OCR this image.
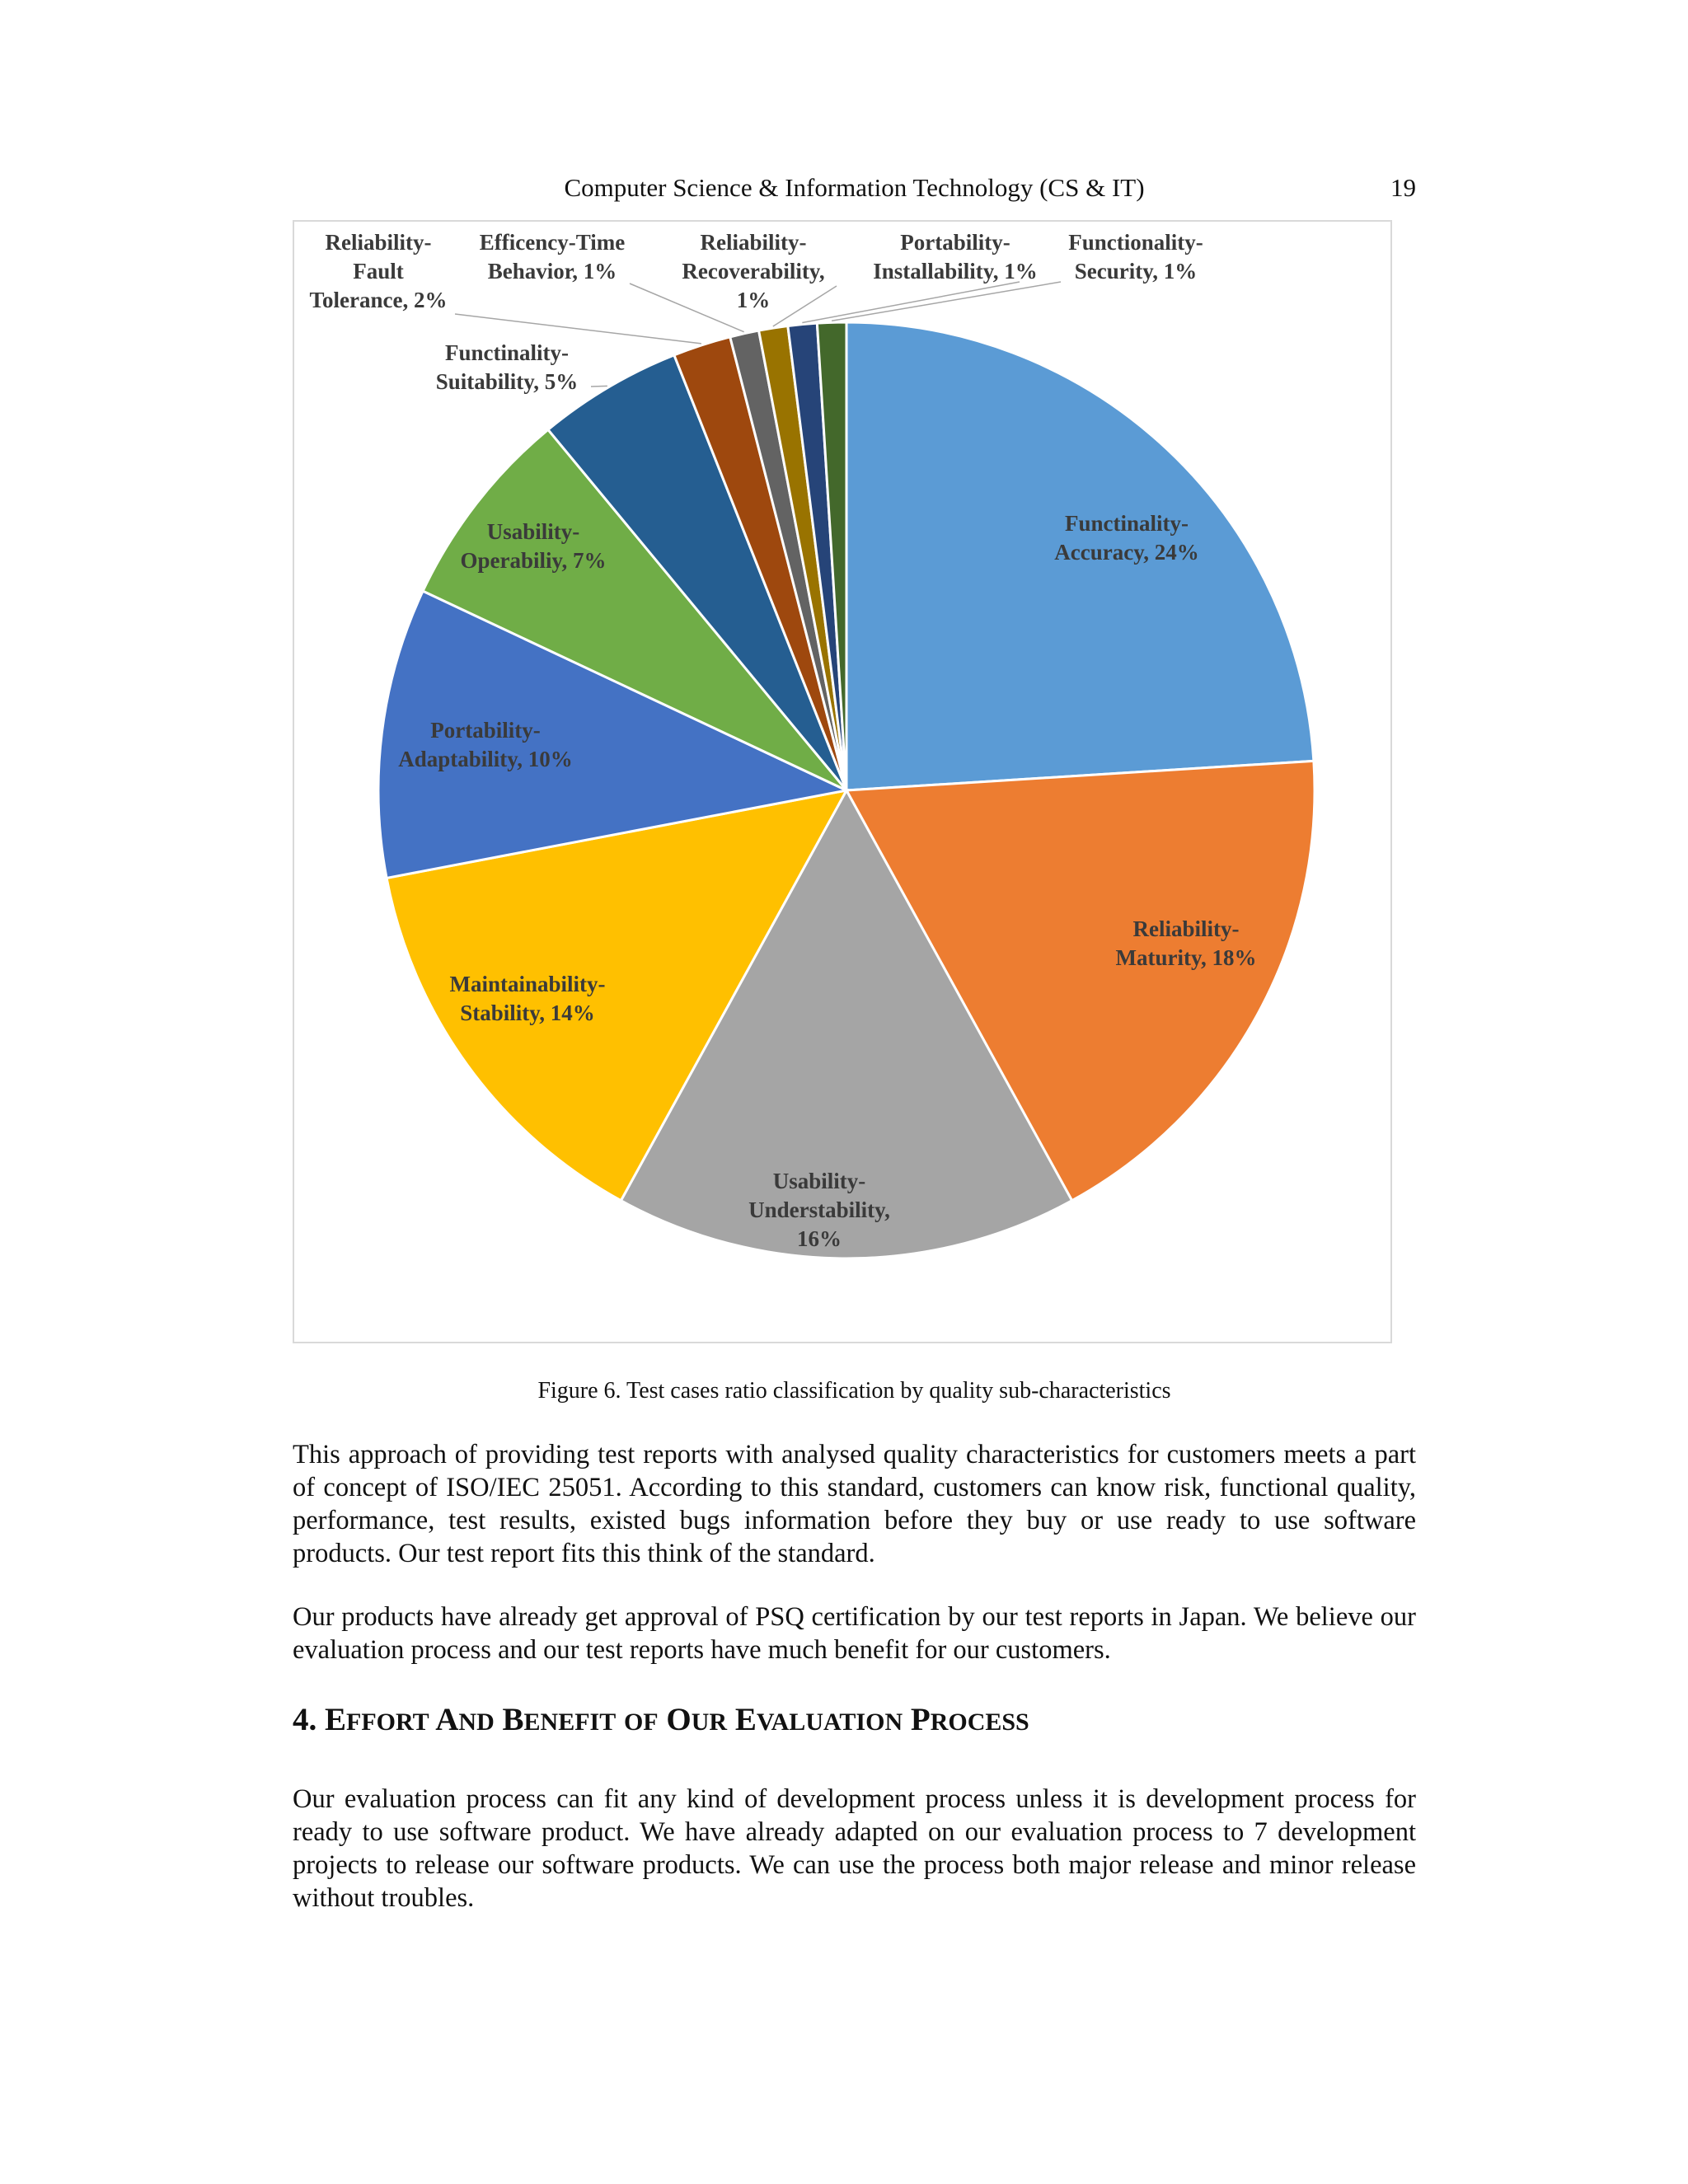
Computer Science & Information Technology (CS & IT)	19
Functinality-Accuracy, 24%
Reliability-Maturity, 18%
Usability-Understability, 16%
Maintainability-Stability, 14%
Portability-Adaptability, 10%
Usability-Operabiliy, 7%
Functinality-Suitability, 5%
Reliability-Fault Tolerance, 2%
Efficency-Time Behavior, 1%
Reliability-Recoverability, 1%
Portability-Installability, 1%
Functionality-Security, 1%
Figure 6. Test cases ratio classification by quality sub-characteristics

This approach of providing test reports with analysed quality characteristics for customers meets a part of concept of ISO/IEC 25051. According to this standard, customers can know risk, functional quality, performance, test results, existed bugs information before they buy or use ready to use software products. Our test report fits this think of the standard.

Our products have already get approval of PSQ certification by our test reports in Japan. We believe our evaluation process and our test reports have much benefit for our customers.

4. EFFORT AND BENEFIT OF OUR EVALUATION PROCESS

Our evaluation process can fit any kind of development process unless it is development process for ready to use software product. We have already adapted on our evaluation process to 7 development projects to release our software products. We can use the process both major release and minor release without troubles.
